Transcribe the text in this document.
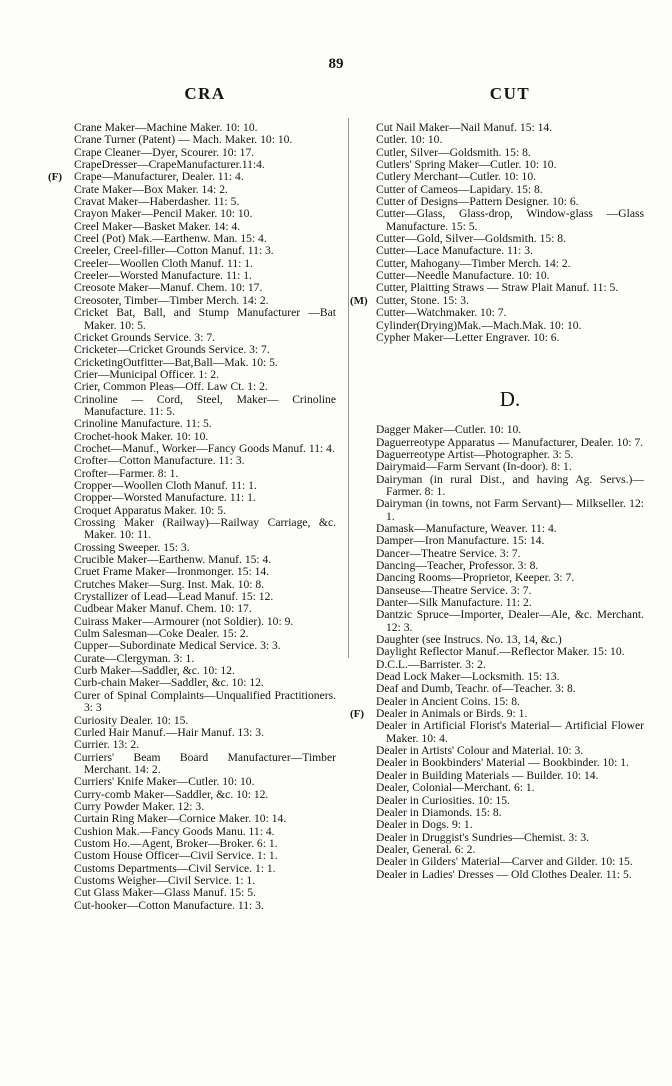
89
CRA
Crane Maker—Machine Maker. 10: 10.
Crane Turner (Patent) — Mach. Maker. 10: 10.
Crape Cleaner—Dyer, Scourer. 10: 17.
CrapeDresser—CrapeManufacturer.11:4.
(F) Crape—Manufacturer, Dealer. 11: 4.
Crate Maker—Box Maker. 14: 2.
Cravat Maker—Haberdasher. 11: 5.
Crayon Maker—Pencil Maker. 10: 10.
Creel Maker—Basket Maker. 14: 4.
Creel (Pot) Mak.—Earthenw. Man. 15: 4.
Creeler, Creel-filler—Cotton Manuf. 11: 3.
Creeler—Woollen Cloth Manuf. 11: 1.
Creeler—Worsted Manufacture. 11: 1.
Creosote Maker—Manuf. Chem. 10: 17.
Creosoter, Timber—Timber Merch. 14: 2.
Cricket Bat, Ball, and Stump Manufacturer —Bat Maker. 10: 5.
Cricket Grounds Service. 3: 7.
Cricketer—Cricket Grounds Service. 3: 7.
CricketingOutfitter—Bat,Ball—Mak. 10: 5.
Crier—Municipal Officer. 1: 2.
Crier, Common Pleas—Off. Law Ct. 1: 2.
Crinoline — Cord, Steel, Maker— Crinoline Manufacture. 11: 5.
Crinoline Manufacture. 11: 5.
Crochet-hook Maker. 10: 10.
Crochet—Manuf., Worker—Fancy Goods Manuf. 11: 4.
Crofter—Cotton Manufacture. 11: 3.
Crofter—Farmer. 8: 1.
Cropper—Woollen Cloth Manuf. 11: 1.
Cropper—Worsted Manufacture. 11: 1.
Croquet Apparatus Maker. 10: 5.
Crossing Maker (Railway)—Railway Carriage, &c. Maker. 10: 11.
Crossing Sweeper. 15: 3.
Crucible Maker—Earthenw. Manuf. 15: 4.
Cruet Frame Maker—Ironmonger. 15: 14.
Crutches Maker—Surg. Inst. Mak. 10: 8.
Crystallizer of Lead—Lead Manuf. 15: 12.
Cudbear Maker Manuf. Chem. 10: 17.
Cuirass Maker—Armourer (not Soldier). 10: 9.
Culm Salesman—Coke Dealer. 15: 2.
Cupper—Subordinate Medical Service. 3: 3.
Curate—Clergyman. 3: 1.
Curb Maker—Saddler, &c. 10: 12.
Curb-chain Maker—Saddler, &c. 10: 12.
Curer of Spinal Complaints—Unqualified Practitioners. 3: 3
Curiosity Dealer. 10: 15.
Curled Hair Manuf.—Hair Manuf. 13: 3.
Currier. 13: 2.
Curriers' Beam Board Manufacturer—Timber Merchant. 14: 2.
Curriers' Knife Maker—Cutler. 10: 10.
Curry-comb Maker—Saddler, &c. 10: 12.
Curry Powder Maker. 12: 3.
Curtain Ring Maker—Cornice Maker. 10: 14.
Cushion Mak.—Fancy Goods Manu. 11: 4.
Custom Ho.—Agent, Broker—Broker. 6: 1.
Custom House Officer—Civil Service. 1: 1.
Customs Departments—Civil Service. 1: 1.
Customs Weigher—Civil Service. 1: 1.
Cut Glass Maker—Glass Manuf. 15: 5.
Cut-hooker—Cotton Manufacture. 11: 3.
CUT
Cut Nail Maker—Nail Manuf. 15: 14.
Cutler. 10: 10.
Cutler, Silver—Goldsmith. 15: 8.
Cutlers' Spring Maker—Cutler. 10: 10.
Cutlery Merchant—Cutler. 10: 10.
Cutter of Cameos—Lapidary. 15: 8.
Cutter of Designs—Pattern Designer. 10: 6.
Cutter—Glass, Glass-drop, Window-glass —Glass Manufacture. 15: 5.
Cutter—Gold, Silver—Goldsmith. 15: 8.
Cutter—Lace Manufacture. 11: 3.
Cutter, Mahogany—Timber Merch. 14: 2.
Cutter—Needle Manufacture. 10: 10.
Cutter, Plaitting Straws — Straw Plait Manuf. 11: 5.
(M) Cutter, Stone. 15: 3.
Cutter—Watchmaker. 10: 7.
Cylinder(Drying)Mak.—Mach.Mak. 10: 10.
Cypher Maker—Letter Engraver. 10: 6.
D.
Dagger Maker—Cutler. 10: 10.
Daguerreotype Apparatus — Manufacturer, Dealer. 10: 7.
Daguerreotype Artist—Photographer. 3: 5.
Dairymaid—Farm Servant (In-door). 8: 1.
Dairyman (in rural Dist., and having Ag. Servs.)—Farmer. 8: 1.
Dairyman (in towns, not Farm Servant)— Milkseller. 12: 1.
Damask—Manufacture, Weaver. 11: 4.
Damper—Iron Manufacture. 15: 14.
Dancer—Theatre Service. 3: 7.
Dancing—Teacher, Professor. 3: 8.
Dancing Rooms—Proprietor, Keeper. 3: 7.
Danseuse—Theatre Service. 3: 7.
Danter—Silk Manufacture. 11: 2.
Dantzic Spruce—Importer, Dealer—Ale, &c. Merchant. 12: 3.
Daughter (see Instrucs. No. 13, 14, &c.)
Daylight Reflector Manuf.—Reflector Maker. 15: 10.
D.C.L.—Barrister. 3: 2.
Dead Lock Maker—Locksmith. 15: 13.
Deaf and Dumb, Teachr. of—Teacher. 3: 8.
Dealer in Ancient Coins. 15: 8.
(F) Dealer in Animals or Birds. 9: 1.
Dealer in Artificial Florist's Material— Artificial Flower Maker. 10: 4.
Dealer in Artists' Colour and Material. 10: 3.
Dealer in Bookbinders' Material — Bookbinder. 10: 1.
Dealer in Building Materials — Builder. 10: 14.
Dealer, Colonial—Merchant. 6: 1.
Dealer in Curiosities. 10: 15.
Dealer in Diamonds. 15: 8.
Dealer in Dogs. 9: 1.
Dealer in Druggist's Sundries—Chemist. 3: 3.
Dealer, General. 6: 2.
Dealer in Gilders' Material—Carver and Gilder. 10: 15.
Dealer in Ladies' Dresses — Old Clothes Dealer. 11: 5.
